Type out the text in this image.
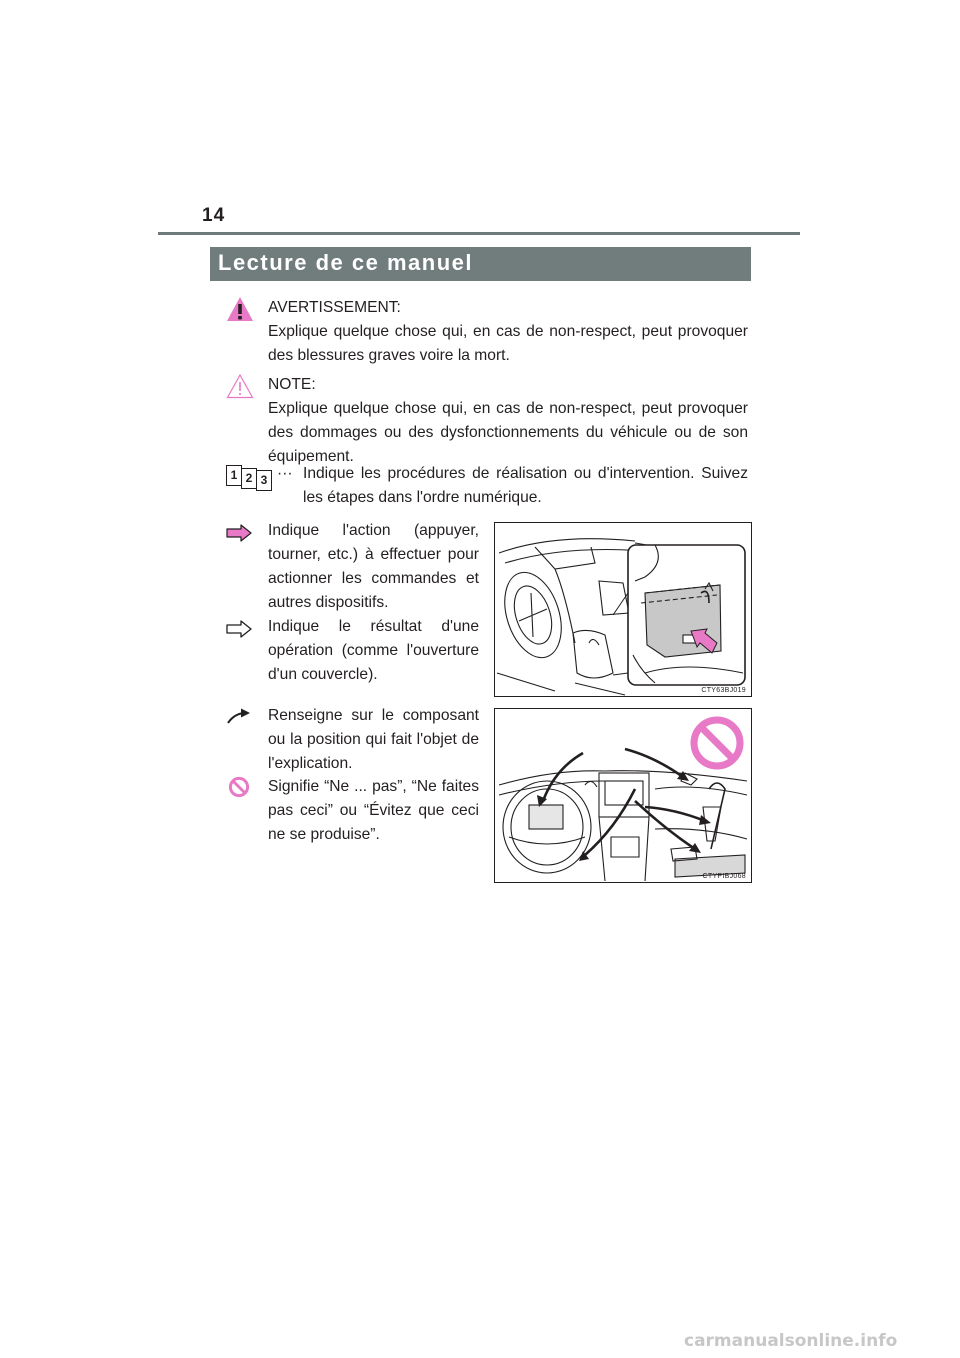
14
Lecture de ce manuel
AVERTISSEMENT:
Explique quelque chose qui, en cas de non-respect, peut provoquer des blessures graves voire la mort.
NOTE:
Explique quelque chose qui, en cas de non-respect, peut provoquer des dommages ou des dysfonctionnements du véhicule ou de son équipement.
1 2 3 ··· Indique les procédures de réalisation ou d'intervention. Suivez les étapes dans l'ordre numérique.
Indique l'action (appuyer, tourner, etc.) à effectuer pour actionner les commandes et autres dispositifs.
Indique le résultat d'une opération (comme l'ouverture d'un couvercle).
Renseigne sur le composant ou la position qui fait l'objet de l'explication.
Signifie “Ne ... pas”, “Ne faites pas ceci” ou “Évitez que ceci ne se produise”.
CTY63BJ019
CTYPIBJ068
carmanualsonline.info
